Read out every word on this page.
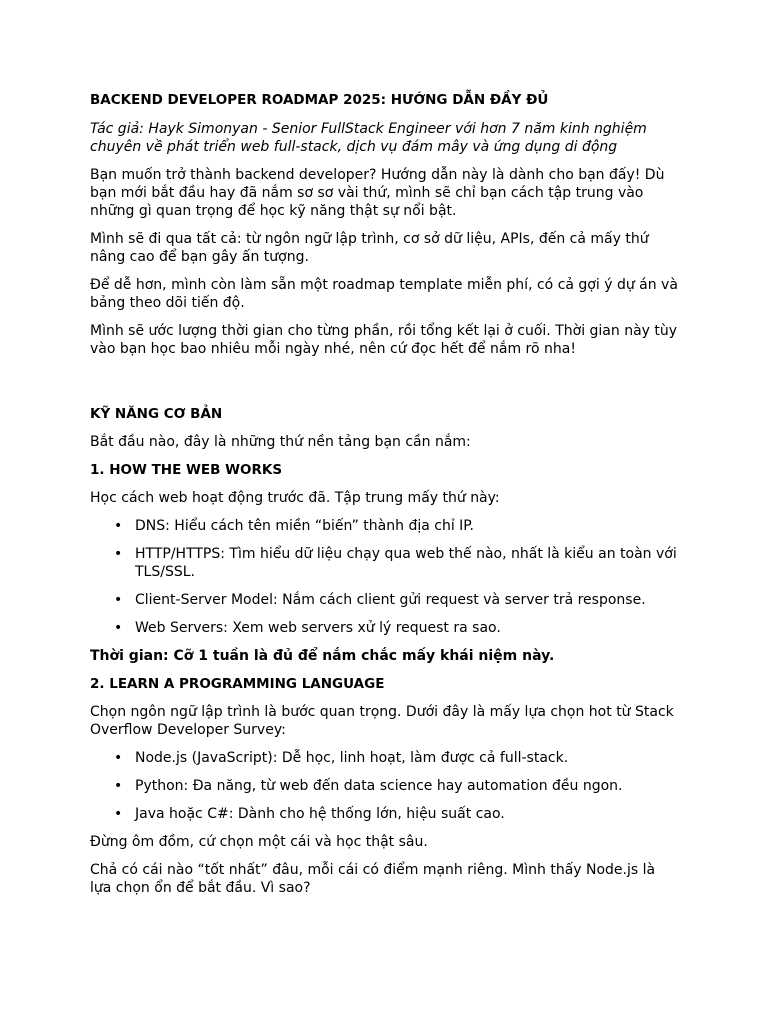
BACKEND DEVELOPER ROADMAP 2025: HƯỚNG DẪN ĐẦY ĐỦ

Tác giả: Hayk Simonyan - Senior FullStack Engineer với hơn 7 năm kinh nghiệm chuyên về phát triển web full-stack, dịch vụ đám mây và ứng dụng di động

Bạn muốn trở thành backend developer? Hướng dẫn này là dành cho bạn đấy! Dù bạn mới bắt đầu hay đã nắm sơ sơ vài thứ, mình sẽ chỉ bạn cách tập trung vào những gì quan trọng để học kỹ năng thật sự nổi bật.

Mình sẽ đi qua tất cả: từ ngôn ngữ lập trình, cơ sở dữ liệu, APIs, đến cả mấy thứ nâng cao để bạn gây ấn tượng.

Để dễ hơn, mình còn làm sẵn một roadmap template miễn phí, có cả gợi ý dự án và bảng theo dõi tiến độ.

Mình sẽ ước lượng thời gian cho từng phần, rồi tổng kết lại ở cuối. Thời gian này tùy vào bạn học bao nhiêu mỗi ngày nhé, nên cứ đọc hết để nắm rõ nha!

KỸ NĂNG CƠ BẢN

Bắt đầu nào, đây là những thứ nền tảng bạn cần nắm:

1. HOW THE WEB WORKS

Học cách web hoạt động trước đã. Tập trung mấy thứ này:

• DNS: Hiểu cách tên miền “biến” thành địa chỉ IP.
• HTTP/HTTPS: Tìm hiểu dữ liệu chạy qua web thế nào, nhất là kiểu an toàn với TLS/SSL.
• Client-Server Model: Nắm cách client gửi request và server trả response.
• Web Servers: Xem web servers xử lý request ra sao.

Thời gian: Cỡ 1 tuần là đủ để nắm chắc mấy khái niệm này.

2. LEARN A PROGRAMMING LANGUAGE

Chọn ngôn ngữ lập trình là bước quan trọng. Dưới đây là mấy lựa chọn hot từ Stack Overflow Developer Survey:

• Node.js (JavaScript): Dễ học, linh hoạt, làm được cả full-stack.
• Python: Đa năng, từ web đến data science hay automation đều ngon.
• Java hoặc C#: Dành cho hệ thống lớn, hiệu suất cao.

Đừng ôm đồm, cứ chọn một cái và học thật sâu.

Chả có cái nào “tốt nhất” đâu, mỗi cái có điểm mạnh riêng. Mình thấy Node.js là lựa chọn ổn để bắt đầu. Vì sao?
